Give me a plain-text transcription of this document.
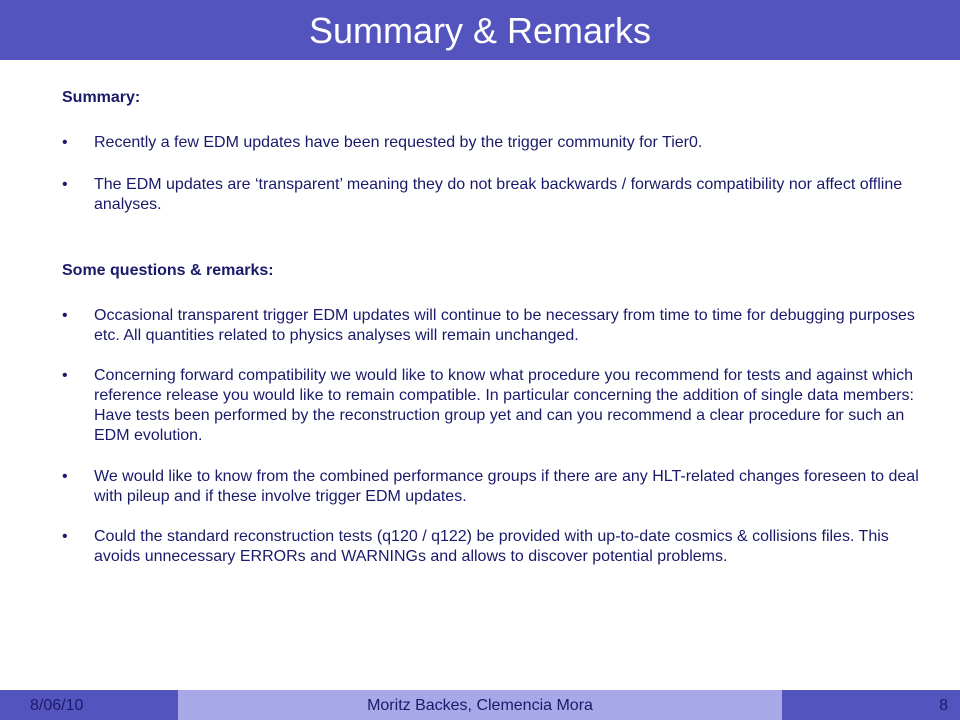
Summary & Remarks
Summary:
• Recently a few EDM updates have been requested by the trigger community for Tier0.
• The EDM updates are ‘transparent’ meaning they do not break backwards / forwards compatibility nor affect offline analyses.
Some questions & remarks:
• Occasional transparent trigger EDM updates will continue to be necessary from time to time for debugging purposes etc. All quantities related to physics analyses will remain unchanged.
• Concerning forward compatibility we would like to know what procedure you recommend for tests and against which reference release you would like to remain compatible. In particular concerning the addition of single data members: Have tests been performed by the reconstruction group yet and can you recommend a clear procedure for such an EDM evolution.
• We would like to know from the combined performance groups if there are any HLT-related changes foreseen to deal with pileup and if these involve trigger EDM updates.
• Could the standard reconstruction tests (q120 / q122) be provided with up-to-date cosmics & collisions files. This avoids unnecessary ERRORs and WARNINGs and allows to discover potential problems.
8/06/10	Moritz Backes, Clemencia Mora	8
